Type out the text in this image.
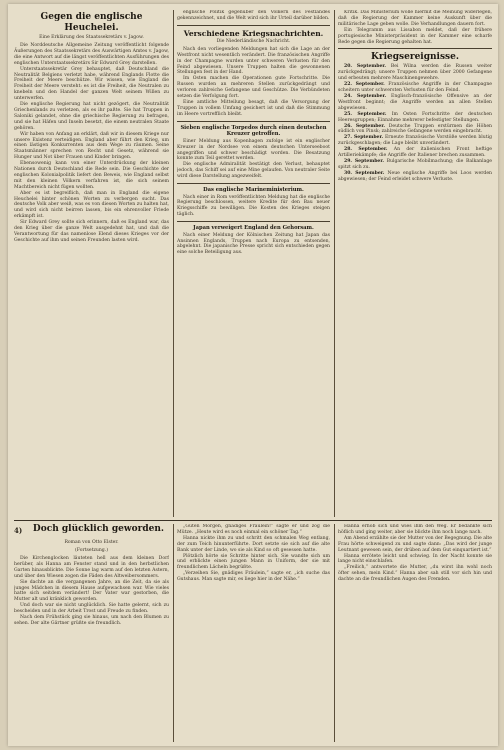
Gegen die englische Heuchelei.
Eine Erklärung des Staatssekretärs v. Jagow.

Die Norddeutsche Allgemeine Zeitung veröffentlicht folgende Äußerungen des Staatssekretärs des Auswärtigen Amtes v. Jagow, die eine Antwort auf die längst veröffentlichten Ausführungen des englischen Unterstaatssekretärs Sir Edward Grey darstellen.

Unterstaatssekretär Grey behauptet, daß Deutschland die Neutralität Belgiens verletzt habe, während Englands Flotte die Freiheit der Meere beschütze. Wir wissen, wie England die Freiheit der Meere versteht: es ist die Freiheit, die Neutralen zu knebeln und den Handel der ganzen Welt seinem Willen zu unterwerfen.

Die englische Regierung hat nicht gezögert, die Neutralität Griechenlands zu verletzen, als es ihr paßte. Sie hat Truppen in Saloniki gelandet, ohne die griechische Regierung zu befragen, und sie hat Häfen und Inseln besetzt, die einem neutralen Staate gehören.

Wir haben von Anfang an erklärt, daß wir in diesem Kriege nur unsere Existenz verteidigen. England aber führt den Krieg, um einen lästigen Konkurrenten aus dem Wege zu räumen. Seine Staatsmänner sprechen von Recht und Gesetz, während sie Hunger und Not über Frauen und Kinder bringen.

Ebensowenig kann von einer Unterdrückung der kleinen Nationen durch Deutschland die Rede sein. Die Geschichte der englischen Kolonialpolitik liefert den Beweis, wie England selbst mit den kleinen Völkern verfahren ist, die sich seinem Machtbereich nicht fügen wollten.

Aber es ist begreiflich, daß man in England die eigene Heuchelei hinter schönen Worten zu verbergen sucht. Das deutsche Volk aber weiß, was es von diesen Worten zu halten hat, und wird sich nicht beirren lassen, bis ein ehrenvoller Friede erkämpft ist.

Sir Edward Grey sollte sich erinnern, daß es England war, das den Krieg über die ganze Welt ausgedehnt hat, und daß die Verantwortung für das namenlose Elend dieses Krieges vor der Geschichte auf ihm und seinen Freunden lasten wird.

englische Politik gegenüber den Völkern des Festlandes gekennzeichnet, und die Welt wird sich ihr Urteil darüber bilden.

Verschiedene Kriegsnachrichten.
Die Niederländische Nachricht.

Nach den vorliegenden Meldungen hat sich die Lage an der Westfront nicht wesentlich verändert. Die französischen Angriffe in der Champagne wurden unter schweren Verlusten für den Feind abgewiesen. Unsere Truppen halten die gewonnenen Stellungen fest in der Hand.

Im Osten machen die Operationen gute Fortschritte. Die Russen wurden an mehreren Stellen zurückgedrängt und verloren zahlreiche Gefangene und Geschütze. Die Verbündeten setzen die Verfolgung fort.

Eine amtliche Mitteilung besagt, daß die Versorgung der Truppen in vollem Umfang gesichert ist und daß die Stimmung im Heere vortrefflich bleibt.

Sieben englische Torpedos durch einen deutschen Kreuzer getroffen.

Einer Meldung aus Kopenhagen zufolge ist ein englischer Kreuzer in der Nordsee von einem deutschen Unterseeboot angegriffen und schwer beschädigt worden. Die Besatzung konnte zum Teil gerettet werden.

Die englische Admiralität bestätigt den Verlust, behauptet jedoch, das Schiff sei auf eine Mine gelaufen. Von neutraler Seite wird diese Darstellung angezweifelt.

Das englische Marineministerium.

Nach einer in Rom veröffentlichten Meldung hat die englische Regierung beschlossen, weitere Kredite für den Bau neuer Kriegsschiffe zu bewilligen. Die Kosten des Krieges steigen täglich.

Japan verweigert England den Gehorsam.

Nach einer Meldung der Kölnischen Zeitung hat Japan das Ansinnen Englands, Truppen nach Europa zu entsenden, abgelehnt. Die japanische Presse spricht sich entschieden gegen eine solche Beteiligung aus.

Kritik. Das Ministerium wolle hiermit die Meinung widerlegen, daß die Regierung der Kammer keine Auskunft über die militärische Lage geben wolle. Die Verhandlungen dauern fort.

Ein Telegramm aus Lissabon meldet, daß der frühere portugiesische Ministerpräsident in der Kammer eine scharfe Rede gegen die Regierung gehalten hat.

Kriegsereignisse.

20. September. Bei Wilna werden die Russen weiter zurückgedrängt; unsere Truppen nehmen über 2000 Gefangene und erbeuten mehrere Maschinengewehre.

22. September. Französische Angriffe in der Champagne scheitern unter schwersten Verlusten für den Feind.

24. September. Englisch-französische Offensive an der Westfront beginnt; die Angriffe werden an allen Stellen abgewiesen.

25. September. Im Osten Fortschritte der deutschen Heeresgruppen; Einnahme mehrerer befestigter Stellungen.

26. September. Deutsche Truppen erstürmen die Höhen südlich von Pinsk; zahlreiche Gefangene werden eingebracht.

27. September. Erneute französische Vorstöße werden blutig zurückgeschlagen; die Lage bleibt unverändert.

28. September. An der italienischen Front heftige Artilleriekämpfe; die Angriffe der Italiener brechen zusammen.

29. September. Bulgarische Mobilmachung; die Balkanlage spitzt sich zu.

30. September. Neue englische Angriffe bei Loos werden abgewiesen; der Feind erleidet schwere Verluste.

4)	Doch glücklich geworden.
Roman von Otto Elster.
(Fortsetzung.)

Die Kirchenglocken läuteten hell aus dem kleinen Dorf herüber, als Hanna am Fenster stand und in den herbstlichen Garten hinausblickte. Die Sonne lag warm auf den letzten Astern, und über den Wiesen zogen die Fäden des Altweibersommers.

Sie dachte an die vergangenen Jahre, an die Zeit, da sie als junges Mädchen in diesem Hause aufgewachsen war. Wie vieles hatte sich seitdem verändert! Der Vater war gestorben, die Mutter alt und kränklich geworden.

Und doch war sie nicht unglücklich. Sie hatte gelernt, sich zu bescheiden und in der Arbeit Trost und Freude zu finden.

Nach dem Frühstück ging sie hinaus, um nach den Blumen zu sehen. Der alte Gärtner grüßte sie freundlich.

„Guten Morgen, gnädiges Fräulein!“ sagte er und zog die Mütze. „Heute wird es noch einmal ein schöner Tag.“

Hanna nickte ihm zu und schritt den schmalen Weg entlang, der zum Teich hinunterführte. Dort setzte sie sich auf die alte Bank unter der Linde, wo sie als Kind so oft gesessen hatte.

Plötzlich hörte sie Schritte hinter sich. Sie wandte sich um und erblickte einen jungen Mann in Uniform, der sie mit freundlichem Lächeln begrüßte.

„Verzeihen Sie, gnädiges Fräulein,“ sagte er, „ich suche das Gutshaus. Man sagte mir, es liege hier in der Nähe.“

Hanna erhob sich und wies ihm den Weg. Er bedankte sich höflich und ging weiter, aber sie blickte ihm noch lange nach.

Am Abend erzählte sie der Mutter von der Begegnung. Die alte Frau hörte schweigend zu und sagte dann: „Das wird der junge Leutnant gewesen sein, der drüben auf dem Gut einquartiert ist.“

Hanna errötete leicht und schwieg. In der Nacht konnte sie lange nicht einschlafen.

„Freilich,“ antwortete die Mutter, „du wirst ihn wohl noch öfter sehen, mein Kind.“ Hanna aber sah still vor sich hin und dachte an die freundlichen Augen des Fremden.
